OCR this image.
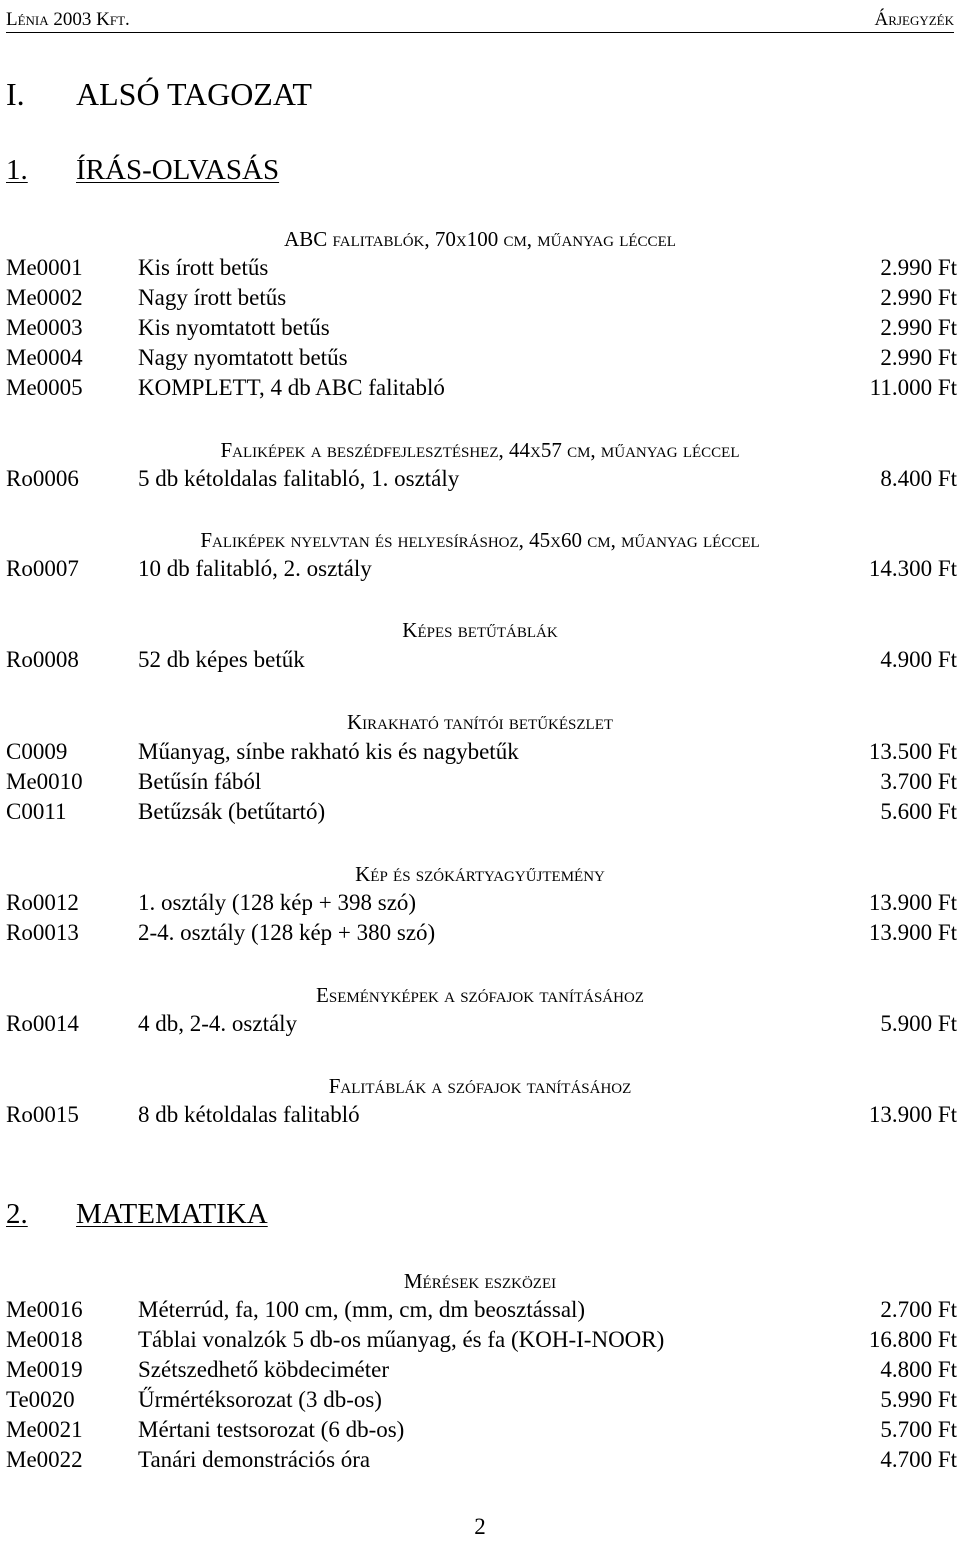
Lénia 2003 Kft.	Árjegyzék
I. ALSÓ TAGOZAT
1. ÍRÁS-OLVASÁS
ABC falitablók, 70x100 cm, műanyag léccel
Me0001 Kis írott betűs	2.990 Ft
Me0002 Nagy írott betűs	2.990 Ft
Me0003 Kis nyomtatott betűs	2.990 Ft
Me0004 Nagy nyomtatott betűs	2.990 Ft
Me0005 KOMPLETT, 4 db ABC falitabló	11.000 Ft
Faliképek a beszédfejlesztéshez, 44x57 cm, műanyag léccel
Ro0006	5 db kétoldalas falitabló, 1. osztály	8.400 Ft
Faliképek nyelvtan és helyesíráshoz, 45x60 cm, műanyag léccel
Ro0007	10 db falitabló, 2. osztály	14.300 Ft
Képes betűtáblák
Ro0008	52 db képes betűk	4.900 Ft
Kirakható tanítói betűkészlet
C0009	Műanyag, sínbe rakható kis és nagybetűk	13.500 Ft
Me0010 Betűsín fából	3.700 Ft
C0011	Betűzsák (betűtartó)	5.600 Ft
Kép és szókártyagyűjtemény
Ro0012	1. osztály (128 kép + 398 szó)	13.900 Ft
Ro0013	2-4. osztály (128 kép + 380 szó)	13.900 Ft
Eseményképek a szófajok tanításához
Ro0014	4 db, 2-4. osztály	5.900 Ft
Falitáblák a szófajok tanításához
Ro0015	8 db kétoldalas falitabló	13.900 Ft
2. MATEMATIKA
Mérések eszközei
Me0016 Méterrúd, fa, 100 cm, (mm, cm, dm beosztással)	2.700 Ft
Me0018 Táblai vonalzók 5 db-os műanyag, és fa (KOH-I-NOOR)	16.800 Ft
Me0019 Szétszedhető köbdeciméter	4.800 Ft
Te0020	Űrmértéksorozat (3 db-os)	5.990 Ft
Me0021 Mértani testsorozat (6 db-os)	5.700 Ft
Me0022 Tanári demonstrációs óra	4.700 Ft
2
